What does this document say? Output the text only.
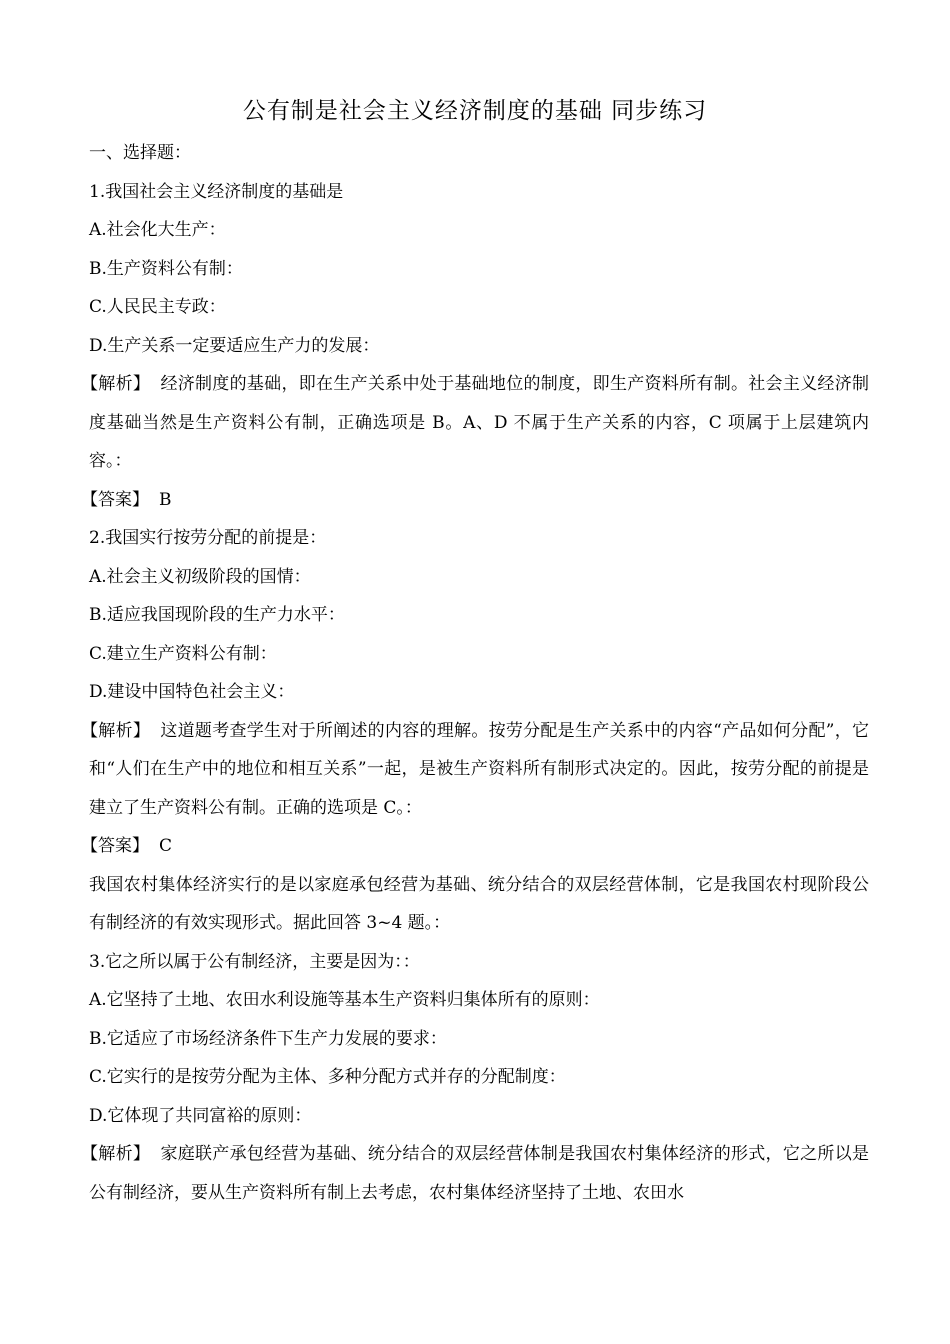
公有制是社会主义经济制度的基础 同步练习
一、选择题：
1.我国社会主义经济制度的基础是
A.社会化大生产：
B.生产资料公有制：
C.人民民主专政：
D.生产关系一定要适应生产力的发展：

【解析】 经济制度的基础，即在生产关系中处于基础地位的制度，即生产资料所有制。社会主义经济制度基础当然是生产资料公有制，正确选项是 B。A、D 不属于生产关系的内容，C 项属于上层建筑内容。：

【答案】 B
2.我国实行按劳分配的前提是：
A.社会主义初级阶段的国情：
B.适应我国现阶段的生产力水平：
C.建立生产资料公有制：
D.建设中国特色社会主义：

【解析】 这道题考查学生对于所阐述的内容的理解。按劳分配是生产关系中的内容“产品如何分配”，它和“人们在生产中的地位和相互关系”一起，是被生产资料所有制形式决定的。因此，按劳分配的前提是建立了生产资料公有制。正确的选项是 C。：

【答案】 C

我国农村集体经济实行的是以家庭承包经营为基础、统分结合的双层经营体制，它是我国农村现阶段公有制经济的有效实现形式。据此回答 3~4 题。：

3.它之所以属于公有制经济，主要是因为：：
A.它坚持了土地、农田水利设施等基本生产资料归集体所有的原则：
B.它适应了市场经济条件下生产力发展的要求：
C.它实行的是按劳分配为主体、多种分配方式并存的分配制度：
D.它体现了共同富裕的原则：

【解析】 家庭联产承包经营为基础、统分结合的双层经营体制是我国农村集体经济的形式，它之所以是公有制经济，要从生产资料所有制上去考虑，农村集体经济坚持了土地、农田水
